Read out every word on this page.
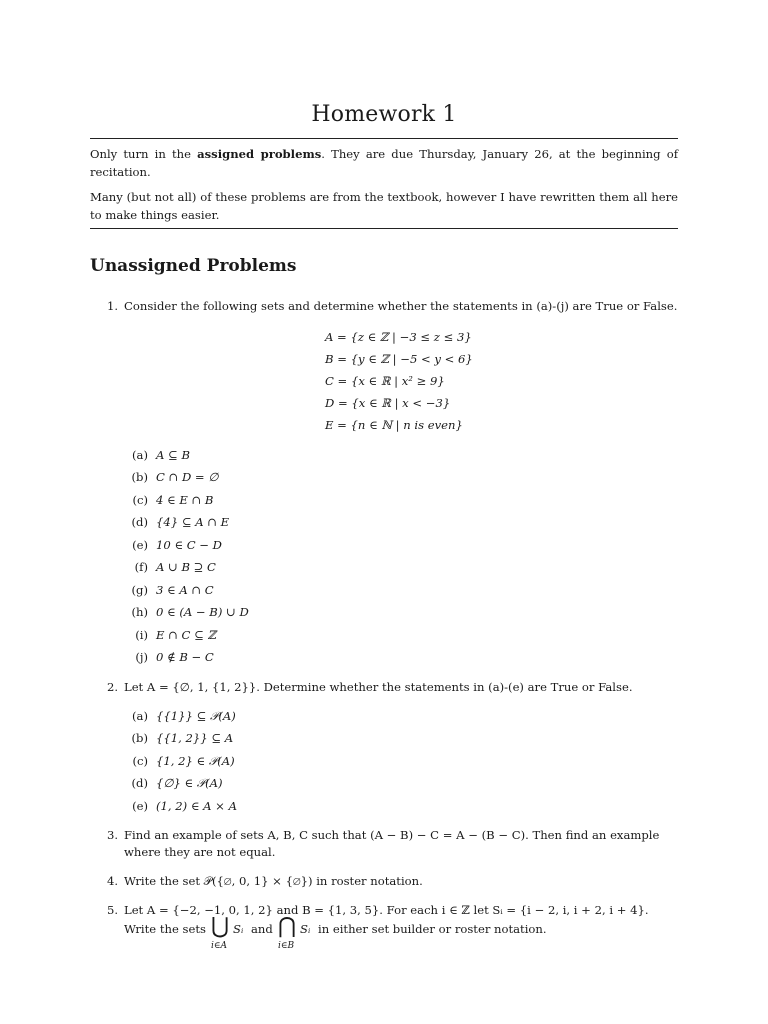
Homework 1

Only turn in the assigned problems. They are due Thursday, January 26, at the beginning of recitation.

Many (but not all) of these problems are from the textbook, however I have rewritten them all here to make things easier.

Unassigned Problems
1. Consider the following sets and determine whether the statements in (a)-(j) are True or False.
A = {z ∈ ℤ | −3 ≤ z ≤ 3}
B = {y ∈ ℤ | −5 < y < 6}
C = {x ∈ ℝ | x² ≥ 9}
D = {x ∈ ℝ | x < −3}
E = {n ∈ ℕ | n is even}
(a) A ⊆ B
(b) C ∩ D = ∅
(c) 4 ∈ E ∩ B
(d) {4} ⊆ A ∩ E
(e) 10 ∈ C − D
(f) A ∪ B ⊇ C
(g) 3 ∈ A ∩ C
(h) 0 ∈ (A − B) ∪ D
(i) E ∩ C ⊆ ℤ
(j) 0 ∉ B − C
2. Let A = {∅, 1, {1, 2}}. Determine whether the statements in (a)-(e) are True or False.
(a) {{1}} ⊆ 𝒫(A)
(b) {{1, 2}} ⊆ A
(c) {1, 2} ∈ 𝒫(A)
(d) {∅} ∈ 𝒫(A)
(e) (1, 2) ∈ A × A
3. Find an example of sets A, B, C such that (A − B) − C = A − (B − C). Then find an example
where they are not equal.
4. Write the set 𝒫({∅, 0, 1} × {∅}) in roster notation.
5. Let A = {−2, −1, 0, 1, 2} and B = {1, 3, 5}. For each i ∈ ℤ let Sᵢ = {i − 2, i, i + 2, i + 4}.
Write the sets ⋃
i∈A
Sᵢ and ⋂
i∈B
Sᵢ in either set builder or roster notation.
